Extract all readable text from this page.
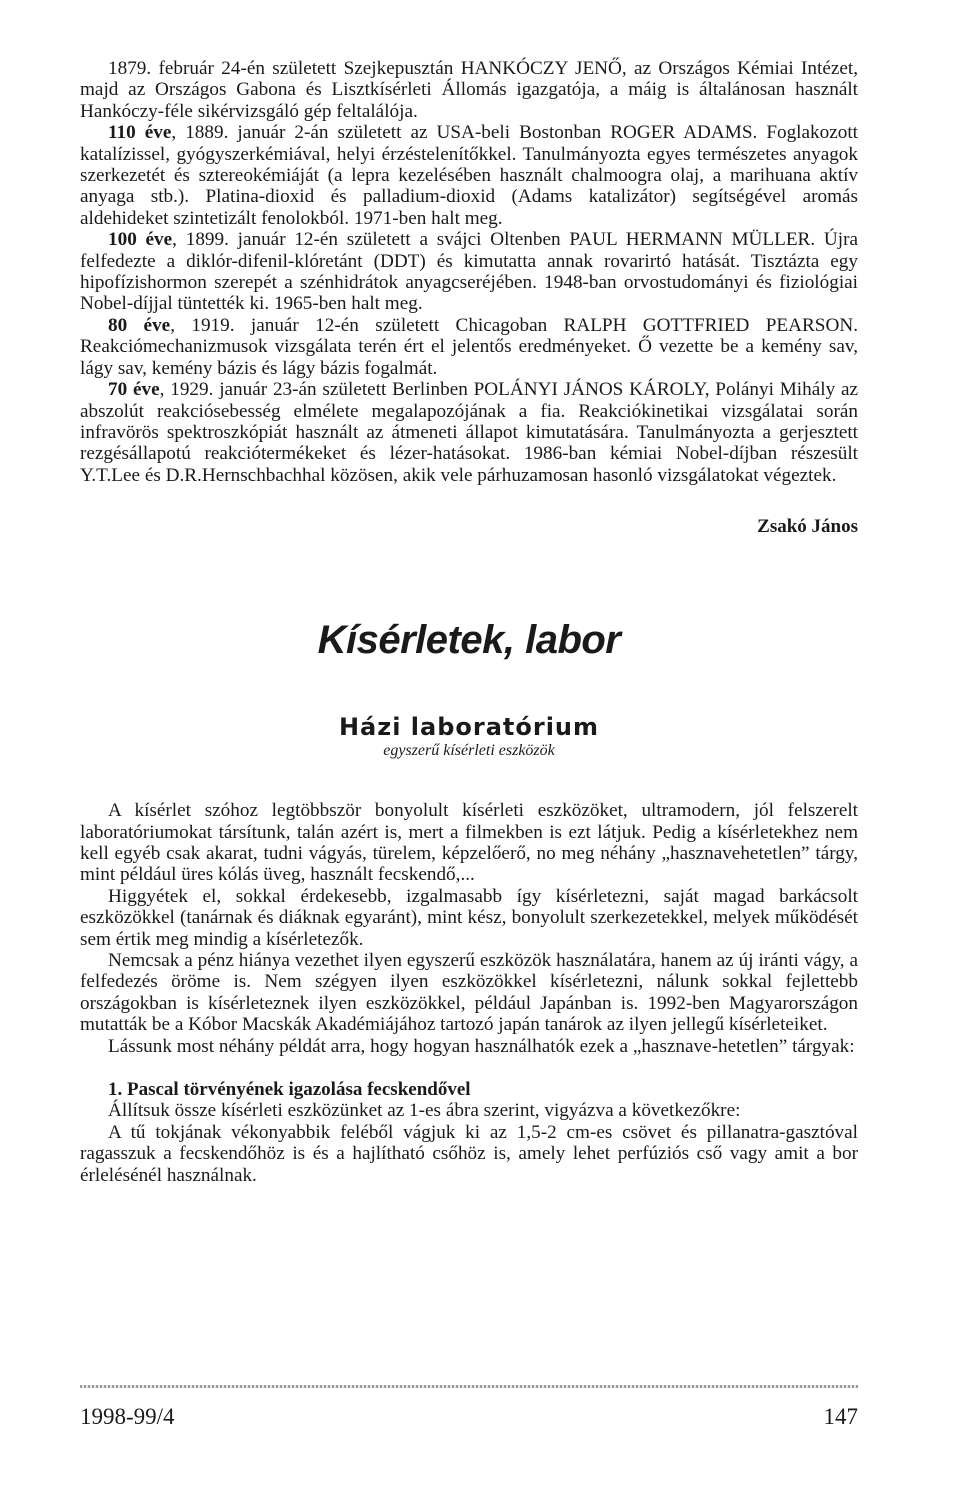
1879. február 24-én született Szejkepusztán HANKÓCZY JENŐ, az Országos Kémiai Intézet, majd az Országos Gabona és Lisztkísérleti Állomás igazgatója, a máig is általánosan használt Hankóczy-féle sikérvizsgáló gép feltalálója.

110 éve, 1889. január 2-án született az USA-beli Bostonban ROGER ADAMS. Foglakozott katalízissel, gyógyszerkémiával, helyi érzéstelenítőkkel. Tanulmányozta egyes természetes anyagok szerkezetét és sztereokémiáját (a lepra kezelésében használt chalmoogra olaj, a marihuana aktív anyaga stb.). Platina-dioxid és palladium-dioxid (Adams katalizátor) segítségével aromás aldehideket szintetizált fenolokból. 1971-ben halt meg.

100 éve, 1899. január 12-én született a svájci Oltenben PAUL HERMANN MÜLLER. Újra felfedezte a diklór-difenil-klóretánt (DDT) és kimutatta annak rovarirtó hatását. Tisztázta egy hipofízishormon szerepét a szénhidrátok anyagcseréjében. 1948-ban orvostudományi és fiziológiai Nobel-díjjal tüntették ki. 1965-ben halt meg.

80 éve, 1919. január 12-én született Chicagoban RALPH GOTTFRIED PEARSON. Reakciómechanizmusok vizsgálata terén ért el jelentős eredményeket. Ő vezette be a kemény sav, lágy sav, kemény bázis és lágy bázis fogalmát.

70 éve, 1929. január 23-án született Berlinben POLÁNYI JÁNOS KÁROLY, Polányi Mihály az abszolút reakciósebesség elmélete megalapozójának a fia. Reakciókinetikai vizsgálatai során infravörös spektroszkópiát használt az átmeneti állapot kimutatására. Tanulmányozta a gerjesztett rezgésállapotú reakciótermékeket és lézer-hatásokat. 1986-ban kémiai Nobel-díjban részesült Y.T.Lee és D.R.Hernschbachhal közösen, akik vele párhuzamosan hasonló vizsgálatokat végeztek.

Zsakó János
Kísérletek, labor
Házi laboratórium
egyszerű kísérleti eszközök

A kísérlet szóhoz legtöbbször bonyolult kísérleti eszközöket, ultramodern, jól felszerelt laboratóriumokat társítunk, talán azért is, mert a filmekben is ezt látjuk. Pedig a kísérletekhez nem kell egyéb csak akarat, tudni vágyás, türelem, képzelőerő, no meg néhány „hasznavehetetlen” tárgy, mint például üres kólás üveg, használt fecskendő,...

Higgyétek el, sokkal érdekesebb, izgalmasabb így kísérletezni, saját magad barkácsolt eszközökkel (tanárnak és diáknak egyaránt), mint kész, bonyolult szerkezetekkel, melyek működését sem értik meg mindig a kísérletezők.

Nemcsak a pénz hiánya vezethet ilyen egyszerű eszközök használatára, hanem az új iránti vágy, a felfedezés öröme is. Nem szégyen ilyen eszközökkel kísérletezni, nálunk sokkal fejlettebb országokban is kísérleteznek ilyen eszközökkel, például Japánban is. 1992-ben Magyarországon mutatták be a Kóbor Macskák Akadémiájához tartozó japán tanárok az ilyen jellegű kísérleteiket.

Lássunk most néhány példát arra, hogy hogyan használhatók ezek a „hasznave-hetetlen” tárgyak:

1. Pascal törvényének igazolása fecskendővel

Állítsuk össze kísérleti eszközünket az 1-es ábra szerint, vigyázva a következőkre:

A tű tokjának vékonyabbik feléből vágjuk ki az 1,5-2 cm-es csövet és pillanatra-gasztóval ragasszuk a fecskendőhöz is és a hajlítható csőhöz is, amely lehet perfúziós cső vagy amit a bor érlelésénél használnak.

1998-99/4	147
